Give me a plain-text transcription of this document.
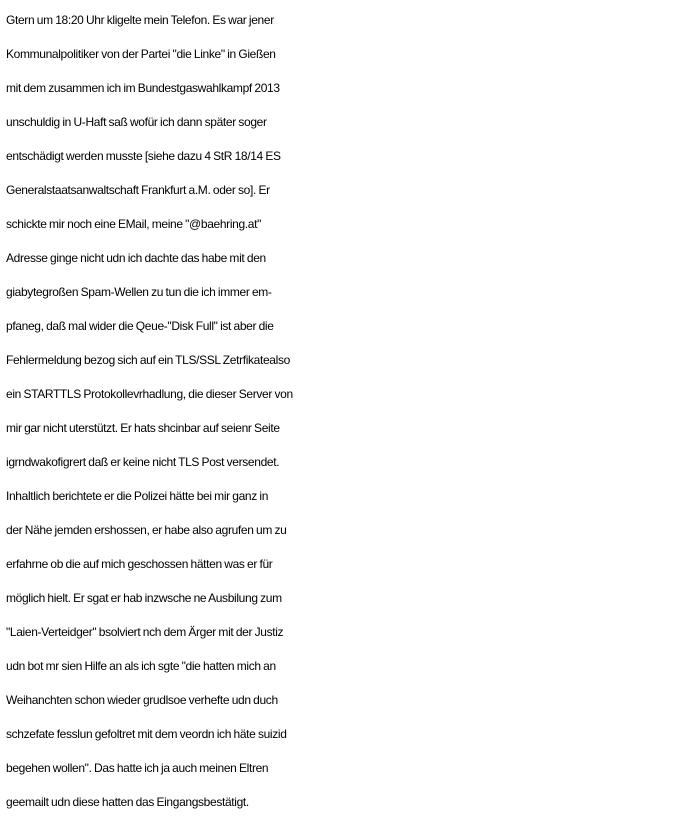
Gtern um 18:20 Uhr kligelte mein Telefon. Es war jener
Kommunalpolitiker von der Partei "die Linke" in Gießen
mit dem zusammen ich im Bundestgaswahlkampf 2013
unschuldig in U-Haft saß wofür ich dann später soger
entschädigt werden musste [siehe dazu 4 StR 18/14 ES
Generalstaatsanwaltschaft Frankfurt a.M. oder so]. Er
schickte mir noch eine EMail, meine "@baehring.at"
Adresse ginge nicht udn ich dachte das habe mit den
giabytegroßen Spam-Wellen zu tun die ich immer em-
pfaneg, daß mal wider die Qeue-"Disk Full" ist aber die
Fehlermeldung bezog sich auf ein TLS/SSL Zetrfikatealso
ein STARTTLS Protokollevrhadlung, die dieser Server von
mir gar nicht uterstützt. Er hats shcinbar auf seienr Seite
igrndwakofigrert daß er keine nicht TLS Post versendet.
Inhaltlich berichtete er die Polizei hätte bei mir ganz in
der Nähe jemden ershossen, er habe also agrufen um zu
erfahrne ob die auf mich geschossen hätten was er für
möglich hielt. Er sgat er hab inzwsche ne Ausbilung zum
"Laien-Verteidger" bsolviert nch dem Ärger mit der Justiz
udn bot mr sien Hilfe an als ich sgte "die hatten mich an
Weihanchten schon wieder grudlsoe verhefte udn duch
schzefate fesslun gefoltret mit dem veordn ich häte suizid
begehen wollen". Das hatte ich ja auch meinen Eltren
geemailt udn diese hatten das Eingangsbestätigt.
